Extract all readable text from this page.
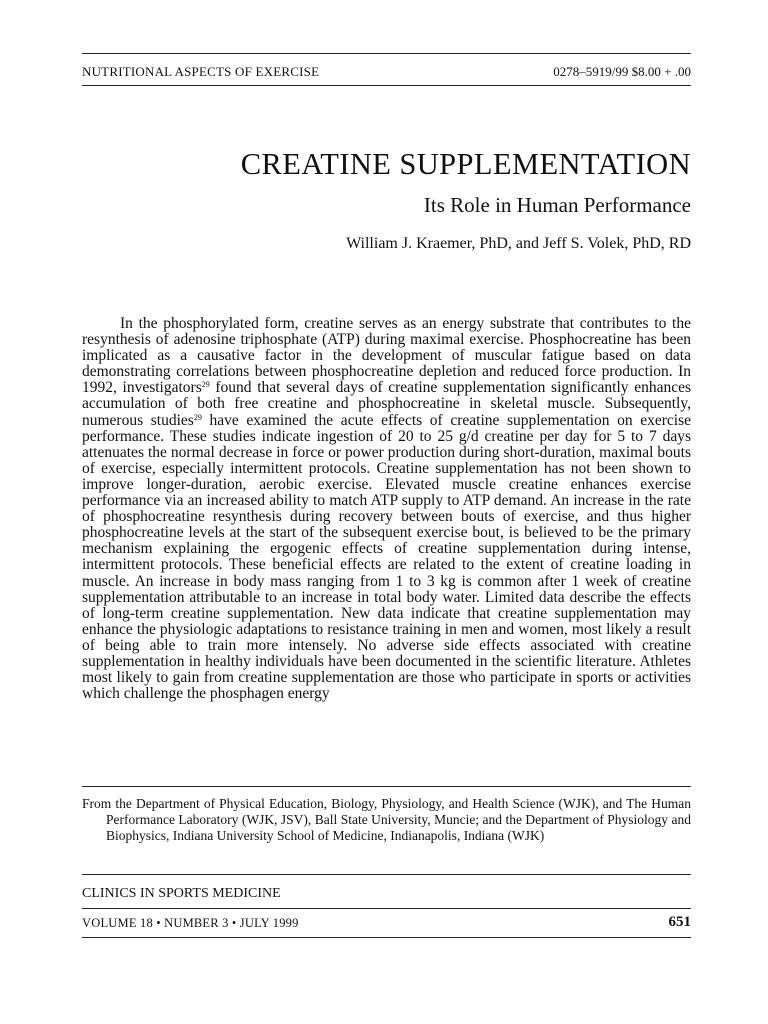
NUTRITIONAL ASPECTS OF EXERCISE	0278–5919/99 $8.00 + .00
CREATINE SUPPLEMENTATION
Its Role in Human Performance
William J. Kraemer, PhD, and Jeff S. Volek, PhD, RD
In the phosphorylated form, creatine serves as an energy substrate that contributes to the resynthesis of adenosine triphosphate (ATP) during maximal exercise. Phosphocreatine has been implicated as a causative factor in the development of muscular fatigue based on data demonstrating correlations between phosphocreatine depletion and reduced force production. In 1992, investigators$^{29}$ found that several days of creatine supplementation significantly enhances accumulation of both free creatine and phosphocreatine in skeletal muscle. Subsequently, numerous studies$^{29}$ have examined the acute effects of creatine supplementation on exercise performance. These studies indicate ingestion of 20 to 25 g/d creatine per day for 5 to 7 days attenuates the normal decrease in force or power production during short-duration, maximal bouts of exercise, especially intermittent protocols. Creatine supplementation has not been shown to improve longer-duration, aerobic exercise. Elevated muscle creatine enhances exercise performance via an increased ability to match ATP supply to ATP demand. An increase in the rate of phosphocreatine resynthesis during recovery between bouts of exercise, and thus higher phosphocreatine levels at the start of the subsequent exercise bout, is believed to be the primary mechanism explaining the ergogenic effects of creatine supplementation during intense, intermittent protocols. These beneficial effects are related to the extent of creatine loading in muscle. An increase in body mass ranging from 1 to 3 kg is common after 1 week of creatine supplementation attributable to an increase in total body water. Limited data describe the effects of long-term creatine supplementation. New data indicate that creatine supplementation may enhance the physiologic adaptations to resistance training in men and women, most likely a result of being able to train more intensely. No adverse side effects associated with creatine supplementation in healthy individuals have been documented in the scientific literature. Athletes most likely to gain from creatine supplementation are those who participate in sports or activities which challenge the phosphagen energy
From the Department of Physical Education, Biology, Physiology, and Health Science (WJK), and The Human Performance Laboratory (WJK, JSV), Ball State University, Muncie; and the Department of Physiology and Biophysics, Indiana University School of Medicine, Indianapolis, Indiana (WJK)
CLINICS IN SPORTS MEDICINE
VOLUME 18 • NUMBER 3 • JULY 1999	651
